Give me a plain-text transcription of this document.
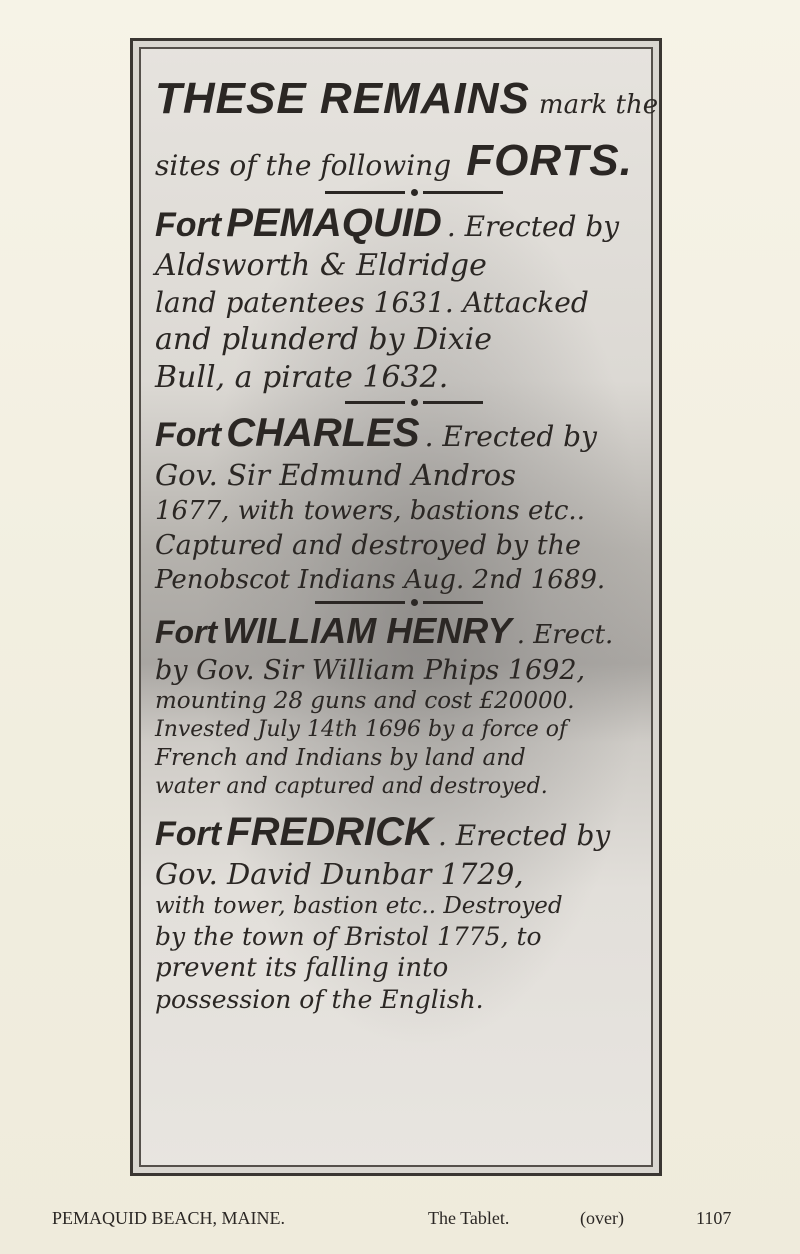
THESE REMAINS mark the
sites of the following FORTS.
Fort PEMAQUID . Erected by
Aldsworth & Eldridge
land patentees 1631. Attacked
and plunderd by Dixie
Bull, a pirate 1632.
Fort CHARLES . Erected by
Gov. Sir Edmund Andros
1677, with towers, bastions etc..
Captured and destroyed by the
Penobscot Indians Aug. 2nd 1689.
Fort WILLIAM HENRY . Erect.
by Gov. Sir William Phips 1692,
mounting 28 guns and cost £20000.
Invested July 14th 1696 by a force of
French and Indians by land and
water and captured and destroyed.
Fort FREDRICK . Erected by
Gov. David Dunbar 1729,
with tower, bastion etc.. Destroyed
by the town of Bristol 1775, to
prevent its falling into
possession of the English.
PEMAQUID BEACH, MAINE.	The Tablet.	(over)	1107
